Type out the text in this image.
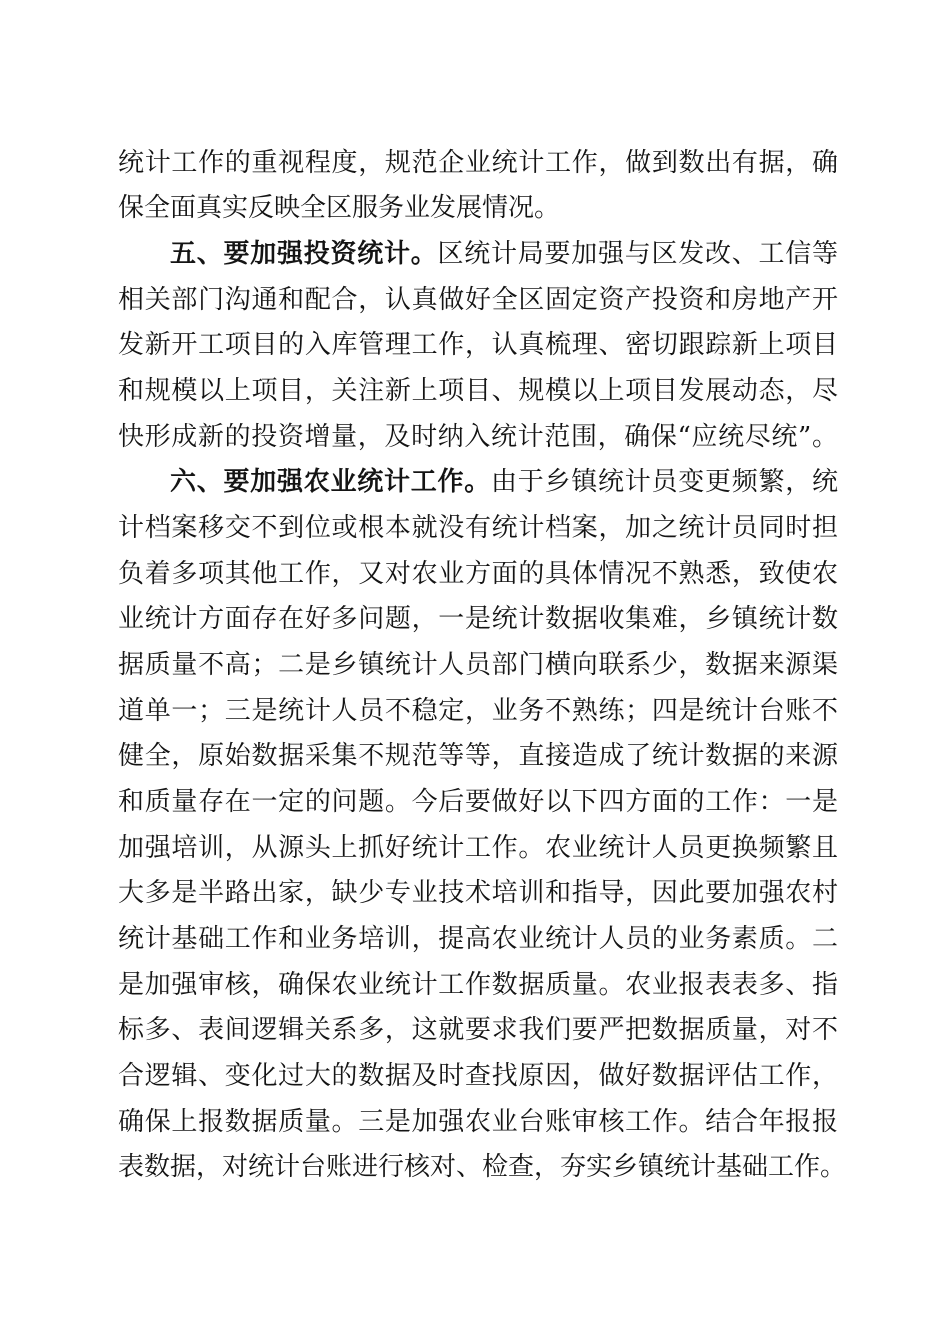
统计工作的重视程度，规范企业统计工作，做到数出有据，确
保全面真实反映全区服务业发展情况。
五、要加强投资统计。区统计局要加强与区发改、工信等
相关部门沟通和配合，认真做好全区固定资产投资和房地产开
发新开工项目的入库管理工作，认真梳理、密切跟踪新上项目
和规模以上项目，关注新上项目、规模以上项目发展动态，尽
快形成新的投资增量，及时纳入统计范围，确保“应统尽统”。
六、要加强农业统计工作。由于乡镇统计员变更频繁，统
计档案移交不到位或根本就没有统计档案，加之统计员同时担
负着多项其他工作，又对农业方面的具体情况不熟悉，致使农
业统计方面存在好多问题，一是统计数据收集难，乡镇统计数
据质量不高；二是乡镇统计人员部门横向联系少，数据来源渠
道单一；三是统计人员不稳定，业务不熟练；四是统计台账不
健全，原始数据采集不规范等等，直接造成了统计数据的来源
和质量存在一定的问题。今后要做好以下四方面的工作：一是
加强培训，从源头上抓好统计工作。农业统计人员更换频繁且
大多是半路出家，缺少专业技术培训和指导，因此要加强农村
统计基础工作和业务培训，提高农业统计人员的业务素质。二
是加强审核，确保农业统计工作数据质量。农业报表表多、指
标多、表间逻辑关系多，这就要求我们要严把数据质量，对不
合逻辑、变化过大的数据及时查找原因，做好数据评估工作，
确保上报数据质量。三是加强农业台账审核工作。结合年报报
表数据，对统计台账进行核对、检查，夯实乡镇统计基础工作。
